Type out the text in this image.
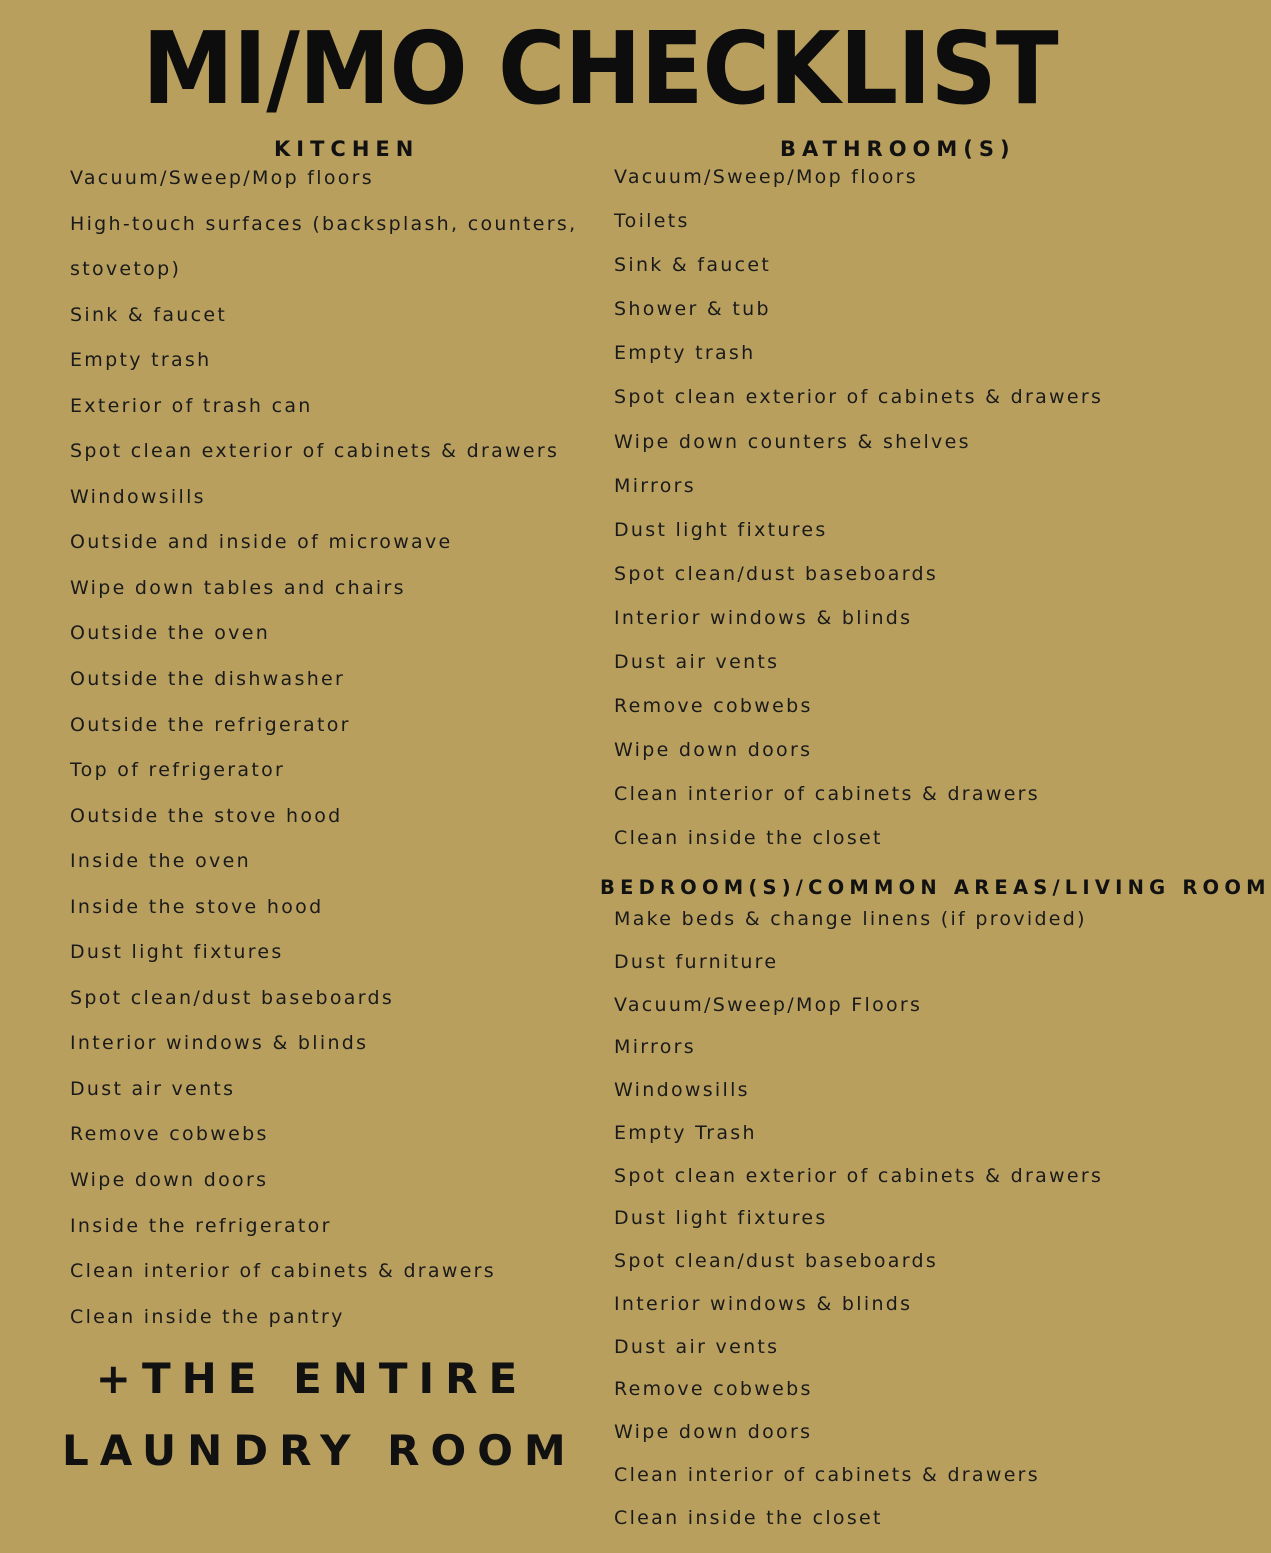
MI/MO CHECKLIST
KITCHEN
Vacuum/Sweep/Mop floors
High-touch surfaces (backsplash, counters,
stovetop)
Sink & faucet
Empty trash
Exterior of trash can
Spot clean exterior of cabinets & drawers
Windowsills
Outside and inside of microwave
Wipe down tables and chairs
Outside the oven
Outside the dishwasher
Outside the refrigerator
Top of refrigerator
Outside the stove hood
Inside the oven
Inside the stove hood
Dust light fixtures
Spot clean/dust baseboards
Interior windows & blinds
Dust air vents
Remove cobwebs
Wipe down doors
Inside the refrigerator
Clean interior of cabinets & drawers
Clean inside the pantry
+THE ENTIRE
LAUNDRY ROOM
BATHROOM(S)
Vacuum/Sweep/Mop floors
Toilets
Sink & faucet
Shower & tub
Empty trash
Spot clean exterior of cabinets & drawers
Wipe down counters & shelves
Mirrors
Dust light fixtures
Spot clean/dust baseboards
Interior windows & blinds
Dust air vents
Remove cobwebs
Wipe down doors
Clean interior of cabinets & drawers
Clean inside the closet
BEDROOM(S)/COMMON AREAS/LIVING ROOM
Make beds & change linens (if provided)
Dust furniture
Vacuum/Sweep/Mop Floors
Mirrors
Windowsills
Empty Trash
Spot clean exterior of cabinets & drawers
Dust light fixtures
Spot clean/dust baseboards
Interior windows & blinds
Dust air vents
Remove cobwebs
Wipe down doors
Clean interior of cabinets & drawers
Clean inside the closet
